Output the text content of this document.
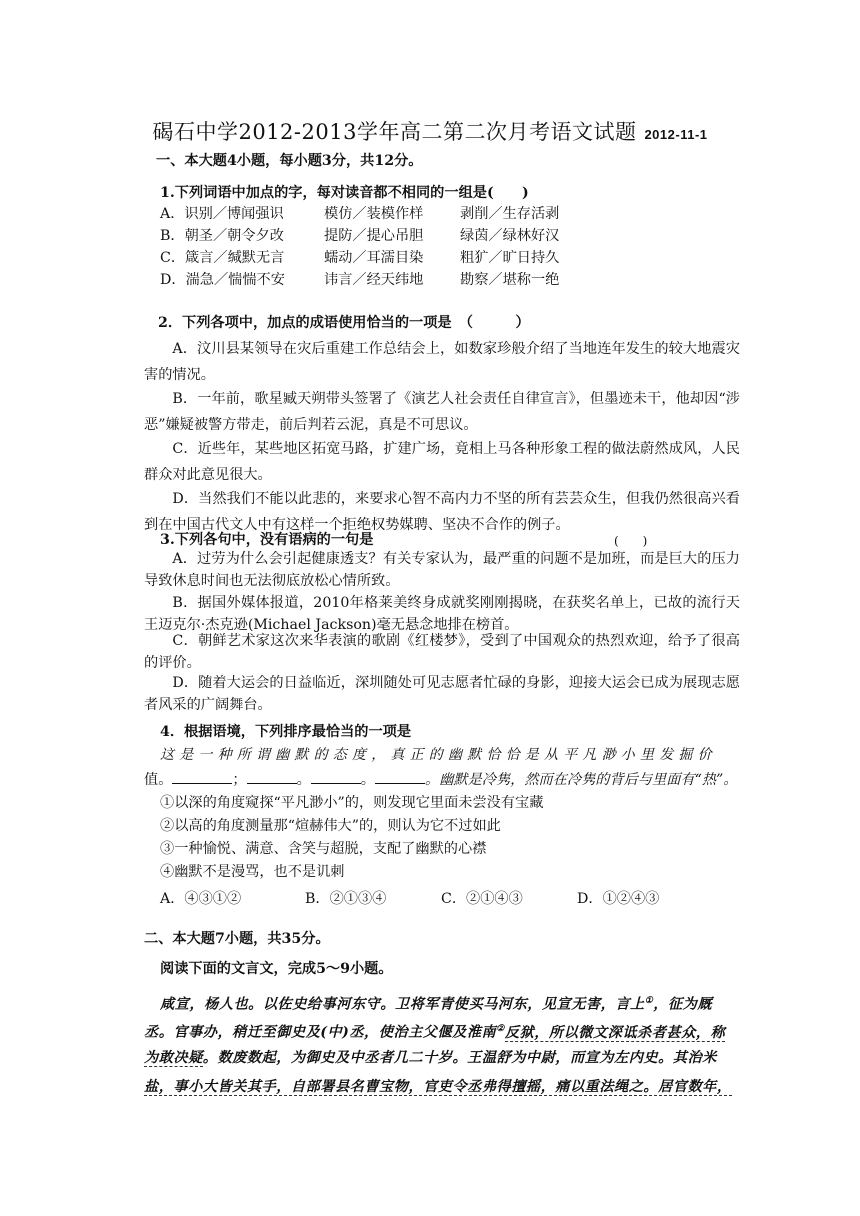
碣石中学2012-2013学年高二第二次月考语文试题 2012-11-1
一、本大题4小题，每小题3分，共12分。
1.下列词语中加点的字，每对读音都不相同的一组是(　　)
A．识别／博闻强识	模仿／装模作样	剥削／生存活剥
B．朝圣／朝令夕改	提防／提心吊胆	绿茵／绿林好汉
C．箴言／缄默无言	蠕动／耳濡目染	粗犷／旷日持久
D．湍急／惴惴不安	讳言／经天纬地	勘察／堪称一绝
2．下列各项中，加点的成语使用恰当的一项是　（　　　）
A．汶川县某领导在灾后重建工作总结会上，如数家珍般介绍了当地连年发生的较大地震灾害的情况。
B．一年前，歌星臧天朔带头签署了《演艺人社会责任自律宣言》，但墨迹未干，他却因“涉恶”嫌疑被警方带走，前后判若云泥，真是不可思议。
C．近些年，某些地区拓宽马路，扩建广场，竟相上马各种形象工程的做法蔚然成风，人民群众对此意见很大。
D．当然我们不能以此悲的，来要求心智不高内力不坚的所有芸芸众生，但我仍然很高兴看到在中国古代文人中有这样一个拒绝权势媒聘、坚决不合作的例子。
3.下列各句中，没有语病的一句是	(　　)
A．过劳为什么会引起健康透支？有关专家认为，最严重的问题不是加班，而是巨大的压力导致休息时间也无法彻底放松心情所致。
B．据国外媒体报道，2010年格莱美终身成就奖刚刚揭晓，在获奖名单上，已故的流行天王迈克尔·杰克逊(Michael Jackson)毫无悬念地排在榜首。
C．朝鲜艺术家这次来华表演的歌剧《红楼梦》，受到了中国观众的热烈欢迎，给予了很高的评价。
D．随着大运会的日益临近，深圳随处可见志愿者忙碌的身影，迎接大运会已成为展现志愿者风采的广阔舞台。
4．根据语境，下列排序最恰当的一项是
这是一种所谓幽默的态度，真正的幽默恰恰是从平凡渺小里发掘价
值。	；	。	。	。幽默是冷隽，然而在冷隽的背后与里面有“热”。
①以深的角度窥探“平凡渺小”的，则发现它里面未尝没有宝藏
②以高的角度测量那“煊赫伟大”的，则认为它不过如此
③一种愉悦、满意、含笑与超脱，支配了幽默的心襟
④幽默不是漫骂，也不是讥刺
A．④③①②	B．②①③④	C．②①④③	D．①②④③
二、本大题7小题，共35分。
阅读下面的文言文，完成5～9小题。
咸宣，杨人也。以佐史给事河东守。卫将军青使买马河东，见宣无害，言上①，征为厩
丞。官事办，稍迁至御史及(中)丞，使治主父偃及淮南②反狱，所以微文深诋杀者甚众，称
为敢决疑。数废数起，为御史及中丞者几二十岁。王温舒为中尉，而宣为左内史。其治米
盐，事小大皆关其手，自部署县名曹宝物，官吏令丞弗得擅摇，痛以重法绳之。居官数年，
